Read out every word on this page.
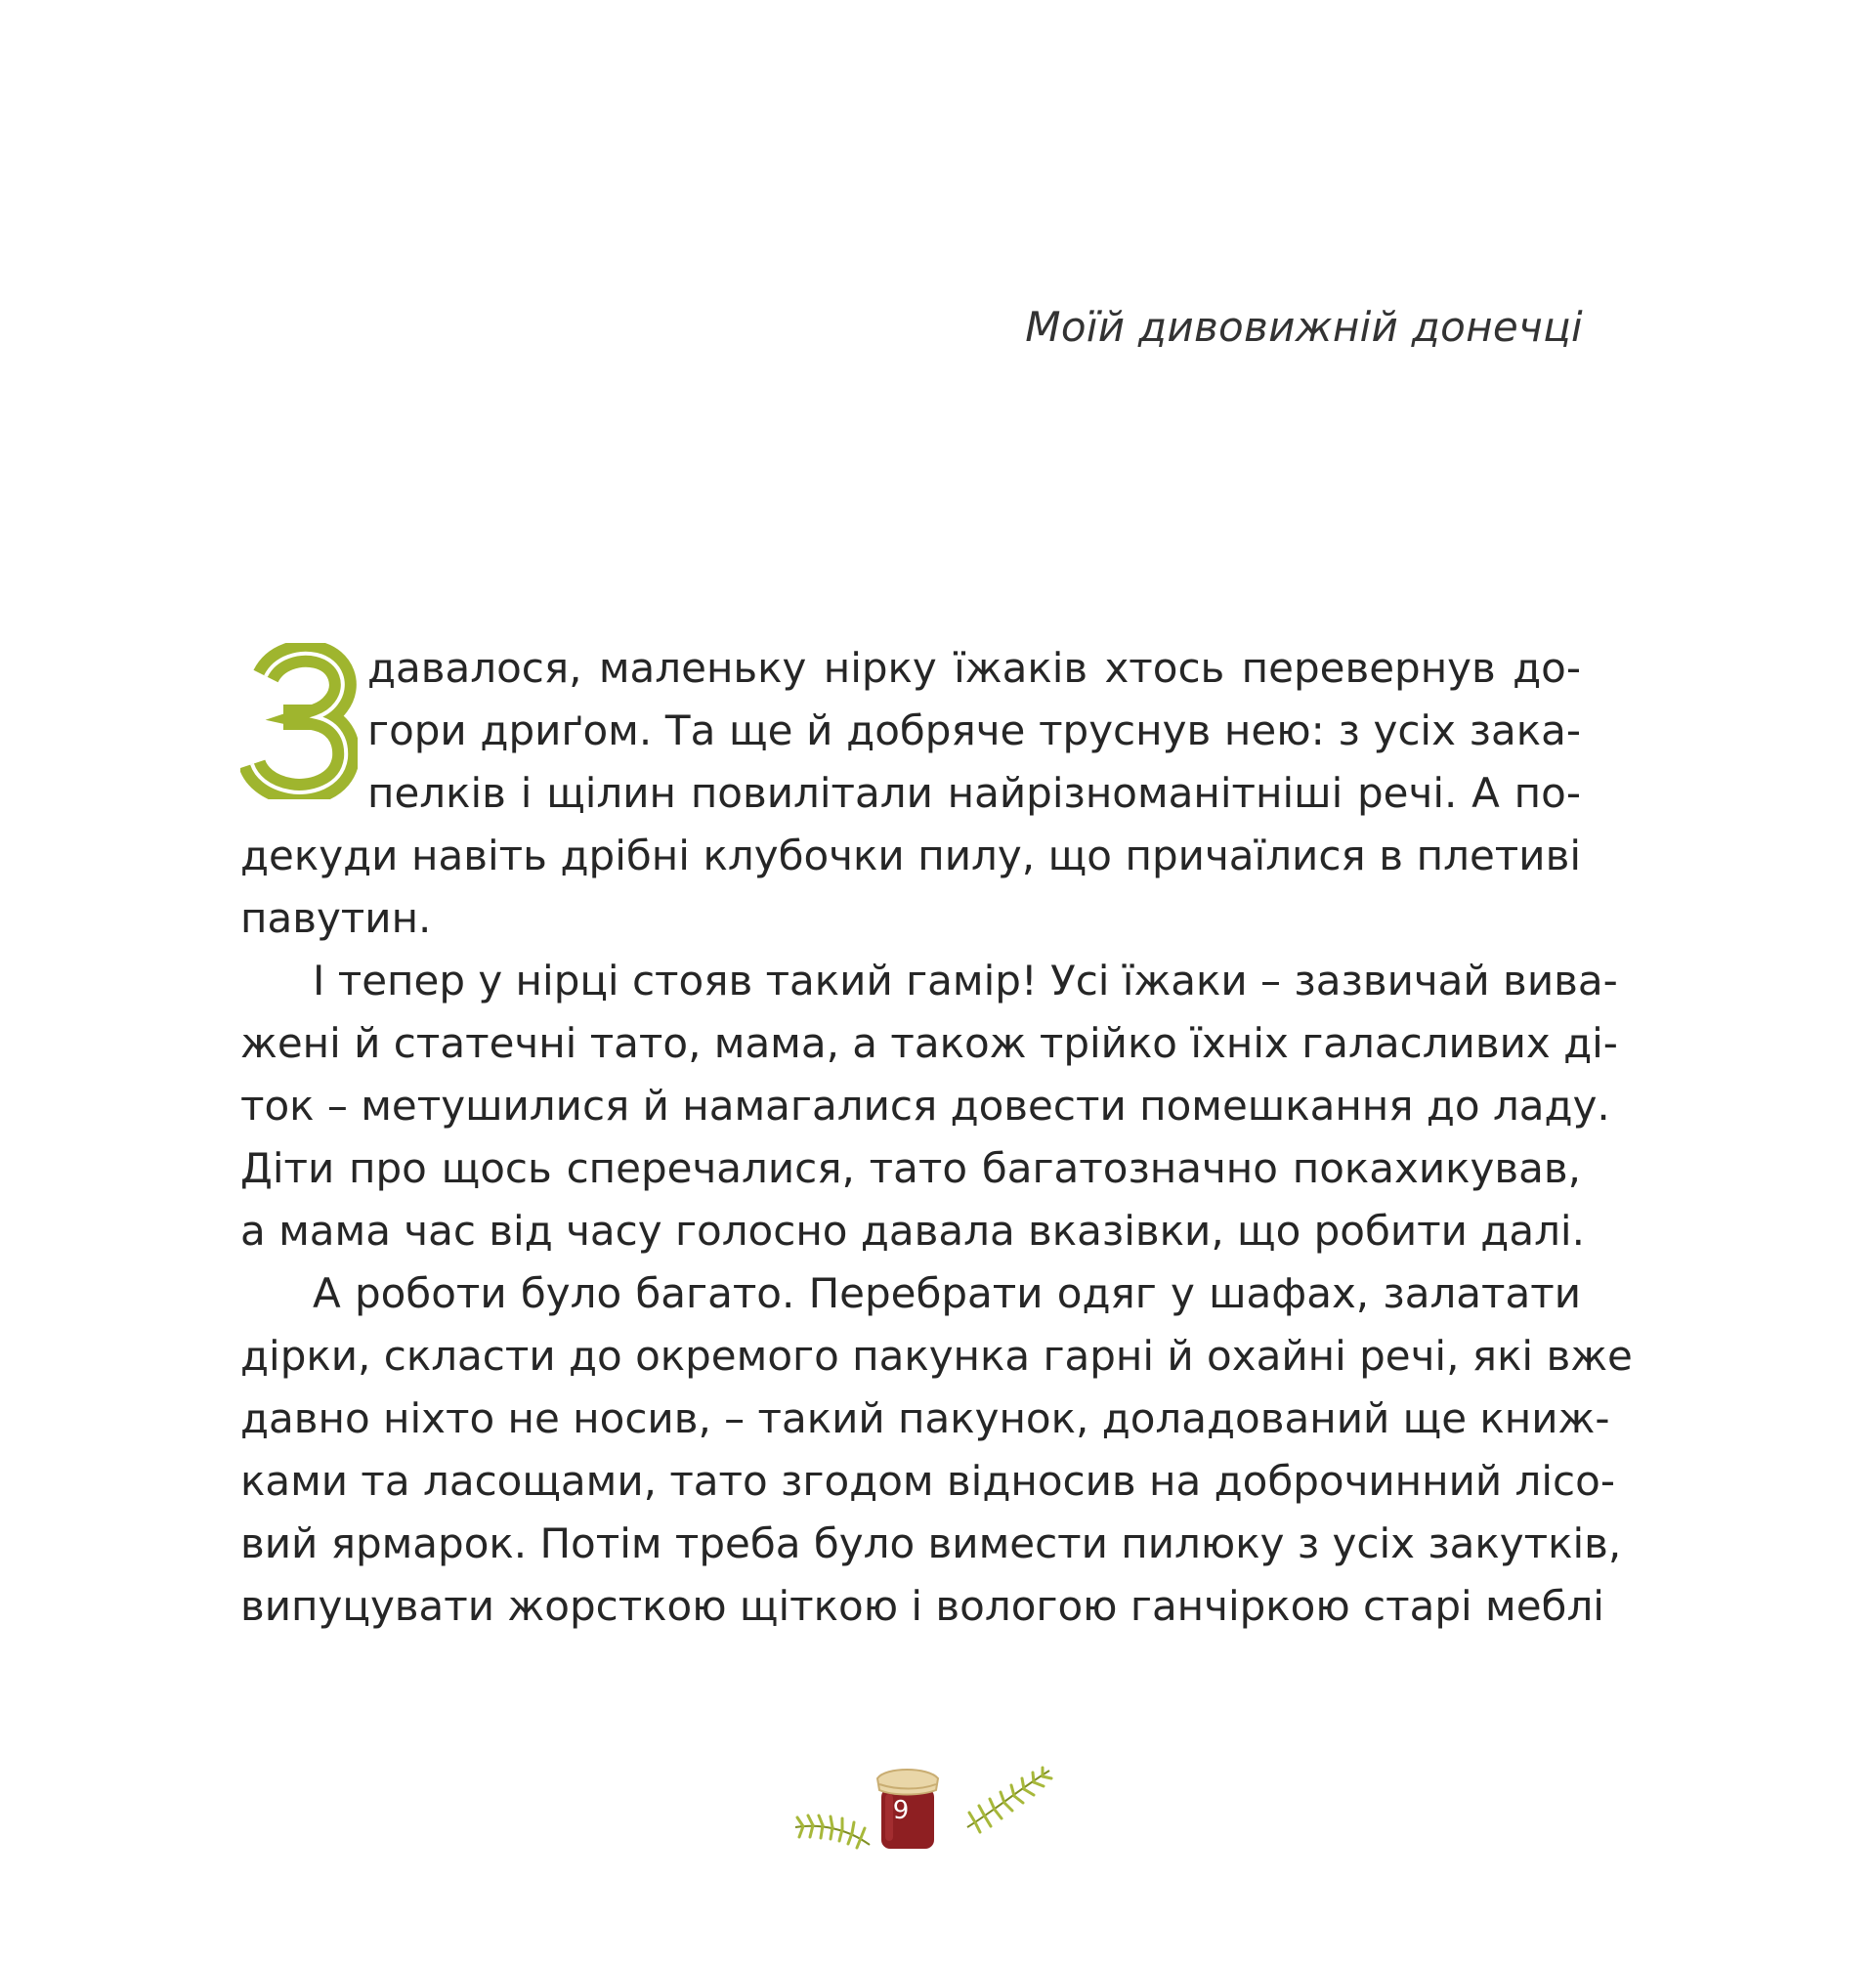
Моїй дивовижній донечці
давалося, маленьку нірку їжаків хтось перевернув до-
гори дриґом. Та ще й добряче труснув нею: з усіх зака-
пелків і щілин повилітали найрізноманітніші речі. А по-
декуди навіть дрібні клубочки пилу, що причаїлися в плетиві
павутин.
І тепер у нірці стояв такий гамір! Усі їжаки – зазвичай вива-
жені й статечні тато, мама, а також трійко їхніх галасливих ді-
ток – метушилися й намагалися довести помешкання до ладу.
Діти про щось сперечалися, тато багатозначно покахикував,
а мама час від часу голосно давала вказівки, що робити далі.
А роботи було багато. Перебрати одяг у шафах, залатати
дірки, скласти до окремого пакунка гарні й охайні речі, які вже
давно ніхто не носив, – такий пакунок, доладований ще книж-
ками та ласощами, тато згодом відносив на доброчинний лісо-
вий ярмарок. Потім треба було вимести пилюку з усіх закутків,
випуцувати жорсткою щіткою і вологою ганчіркою старі меблі
9
